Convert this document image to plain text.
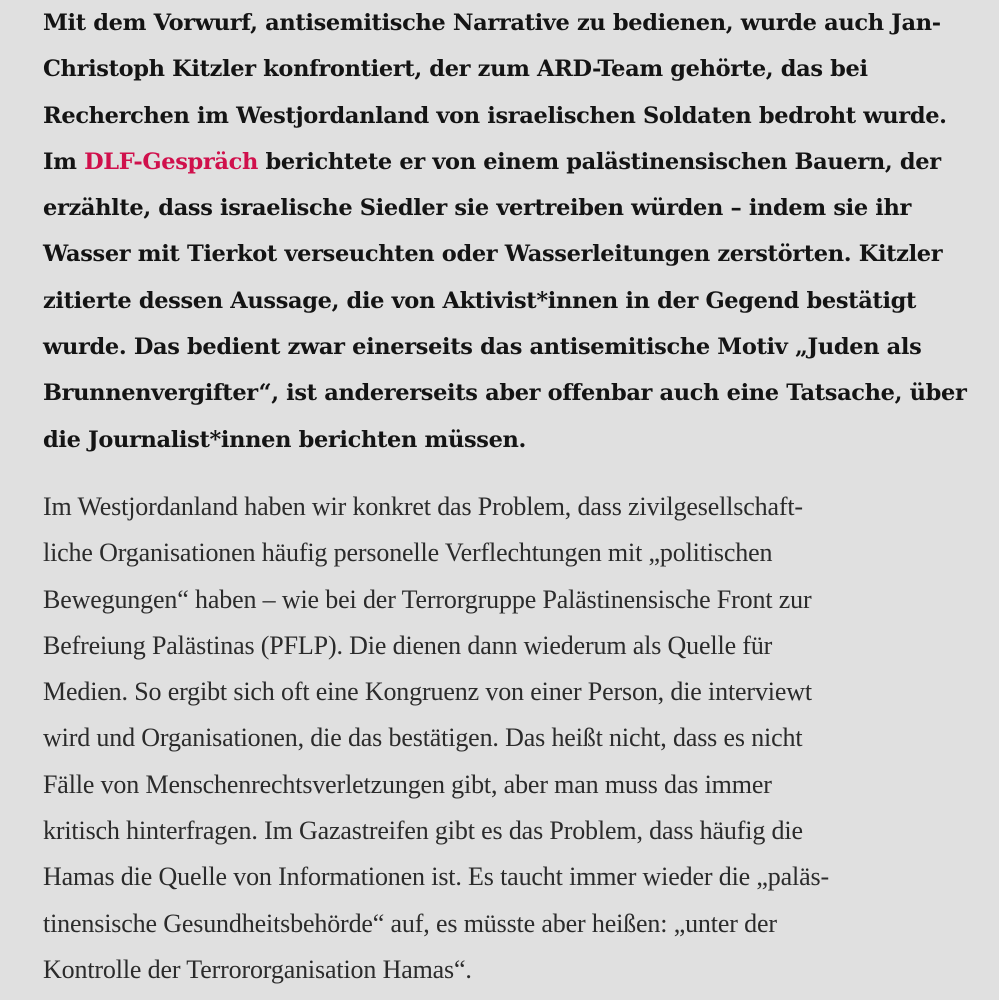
Mit dem Vorwurf, antisemitische Narrative zu bedienen, wurde auch Jan-
Christoph Kitzler konfrontiert, der zum ARD-Team gehörte, das bei
Recherchen im Westjordanland von israelischen Soldaten bedroht wurde.
Im DLF-Gespräch berichtete er von einem palästinensischen Bauern, der
erzählte, dass israelische Siedler sie vertreiben würden – indem sie ihr
Wasser mit Tierkot verseuchten oder Wasserleitungen zerstörten. Kitzler
zitierte dessen Aussage, die von Aktivist*innen in der Gegend bestätigt
wurde. Das bedient zwar einerseits das antisemitische Motiv „Juden als
Brunnenvergifter“, ist andererseits aber offenbar auch eine Tatsache, über
die Journalist*innen berichten müssen.

Im Westjordanland haben wir konkret das Problem, dass zivilgesellschaft-
liche Organisationen häufig personelle Verflechtungen mit „politischen
Bewegungen“ haben – wie bei der Terrorgruppe Palästinensische Front zur
Befreiung Palästinas (PFLP). Die dienen dann wiederum als Quelle für
Medien. So ergibt sich oft eine Kongruenz von einer Person, die interviewt
wird und Organisationen, die das bestätigen. Das heißt nicht, dass es nicht
Fälle von Menschenrechtsverletzungen gibt, aber man muss das immer
kritisch hinterfragen. Im Gazastreifen gibt es das Problem, dass häufig die
Hamas die Quelle von Informationen ist. Es taucht immer wieder die „paläs-
tinensische Gesundheitsbehörde“ auf, es müsste aber heißen: „unter der
Kontrolle der Terrororganisation Hamas“.
